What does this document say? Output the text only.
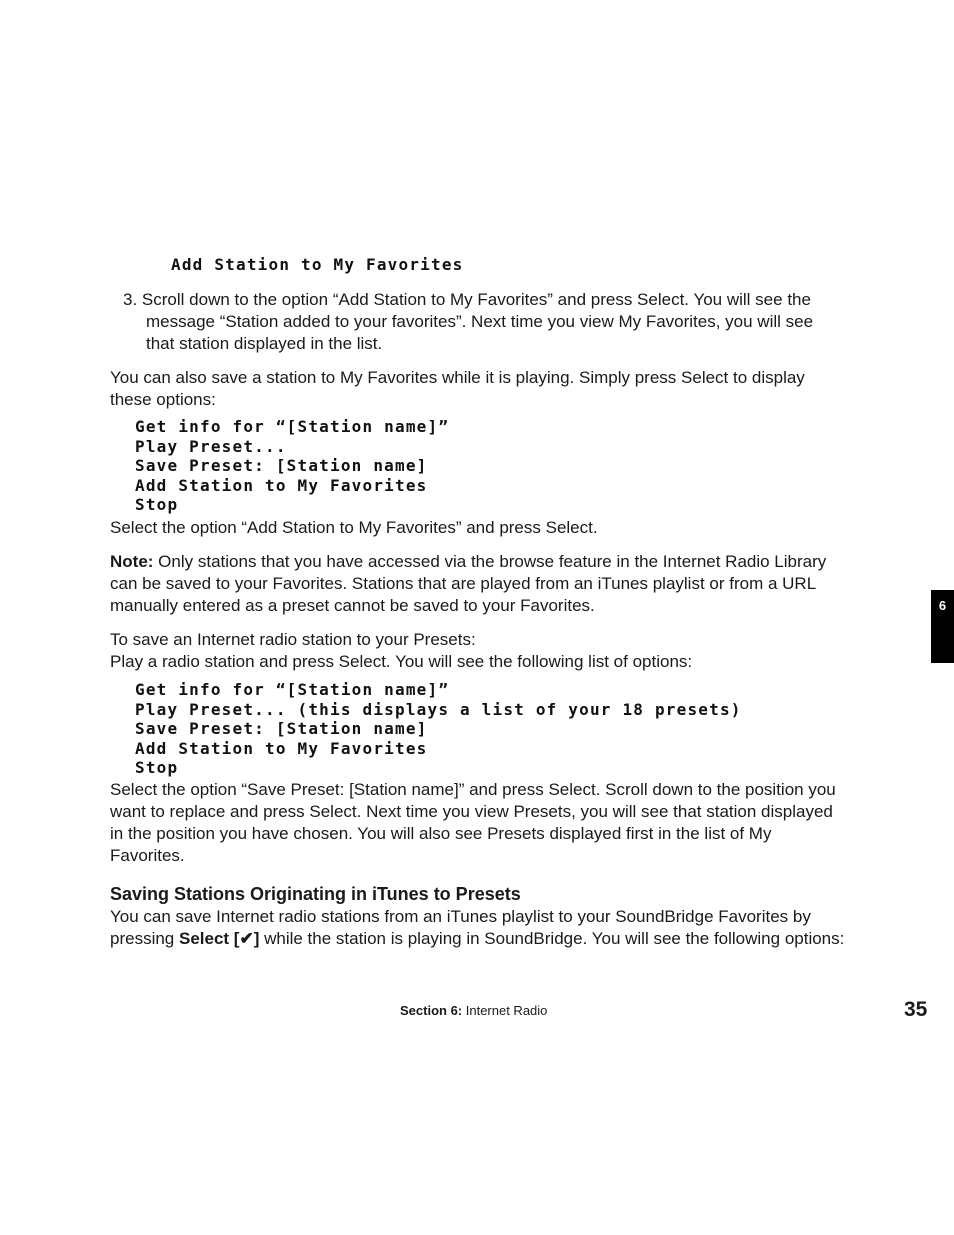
Add Station to My Favorites
3. Scroll down to the option “Add Station to My Favorites” and press Select. You will see the
message “Station added to your favorites”. Next time you view My Favorites, you will see
that station displayed in the list.
You can also save a station to My Favorites while it is playing. Simply press Select to display these options:
Get info for “[Station name]”
Play Preset...
Save Preset: [Station name]
Add Station to My Favorites
Stop
Select the option “Add Station to My Favorites” and press Select.
Note: Only stations that you have accessed via the browse feature in the Internet Radio Library can be saved to your Favorites. Stations that are played from an iTunes playlist or from a URL manually entered as a preset cannot be saved to your Favorites.
To save an Internet radio station to your Presets:
Play a radio station and press Select. You will see the following list of options:
Get info for “[Station name]”
Play Preset... (this displays a list of your 18 presets)
Save Preset: [Station name]
Add Station to My Favorites
Stop
Select the option “Save Preset: [Station name]” and press Select. Scroll down to the position you want to replace and press Select. Next time you view Presets, you will see that station displayed in the position you have chosen. You will also see Presets displayed first in the list of My Favorites.
Saving Stations Originating in iTunes to Presets
You can save Internet radio stations from an iTunes playlist to your SoundBridge Favorites by pressing Select [✔] while the station is playing in SoundBridge. You will see the following options:
6
Section 6: Internet Radio	35
